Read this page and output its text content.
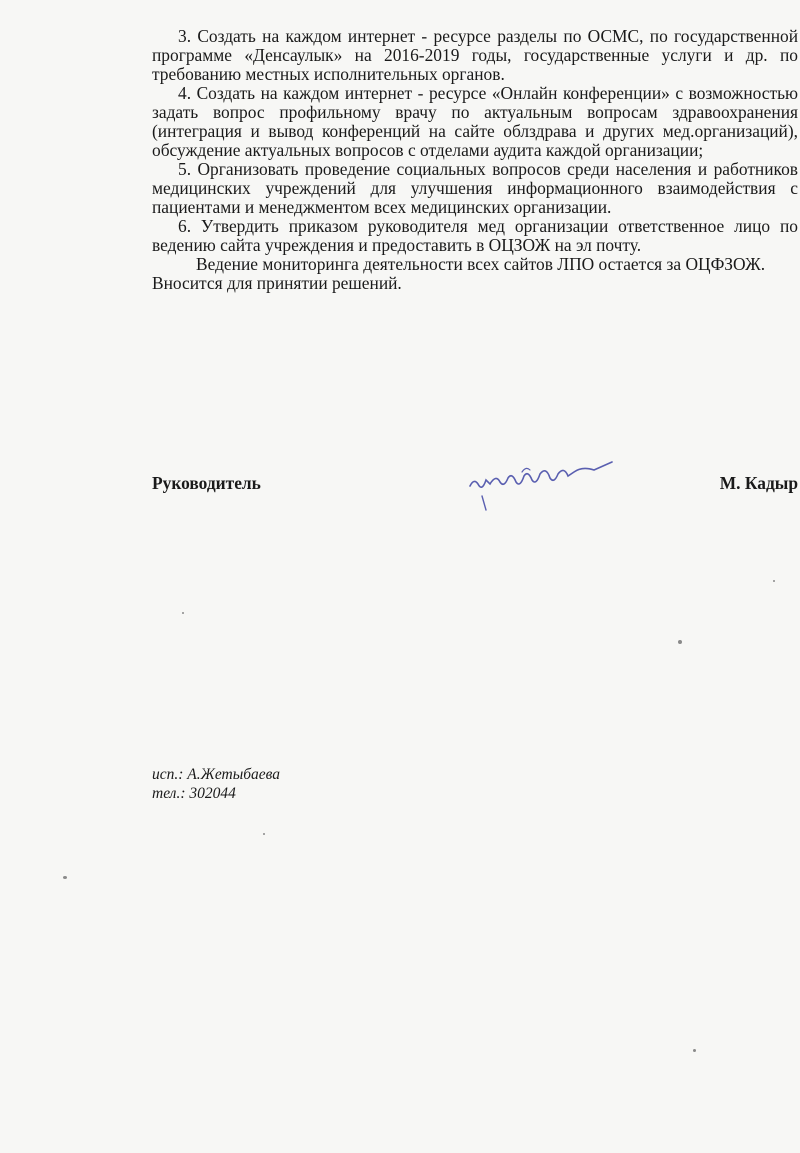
3. Создать на каждом интернет - ресурсе разделы по ОСМС, по государственной программе «Денсаулык» на 2016-2019 годы, государственные услуги и др. по требованию местных исполнительных органов.

4. Создать на каждом интернет - ресурсе «Онлайн конференции» с возможностью задать вопрос профильному врачу по актуальным вопросам здравоохранения (интеграция и вывод конференций на сайте облздрава и других мед.организаций), обсуждение актуальных вопросов с отделами аудита каждой организации;

5. Организовать проведение социальных вопросов среди населения и работников медицинских учреждений для улучшения информационного взаимодействия с пациентами и менеджментом всех медицинских организации.

6. Утвердить приказом руководителя мед организации ответственное лицо по ведению сайта учреждения и предоставить в ОЦЗОЖ на эл почту.

Ведение мониторинга деятельности всех сайтов ЛПО остается за ОЦФЗОЖ.

Вносится для принятии решений.

Руководитель	М. Кадыр
исп.: А.Жетыбаева
тел.: 302044
